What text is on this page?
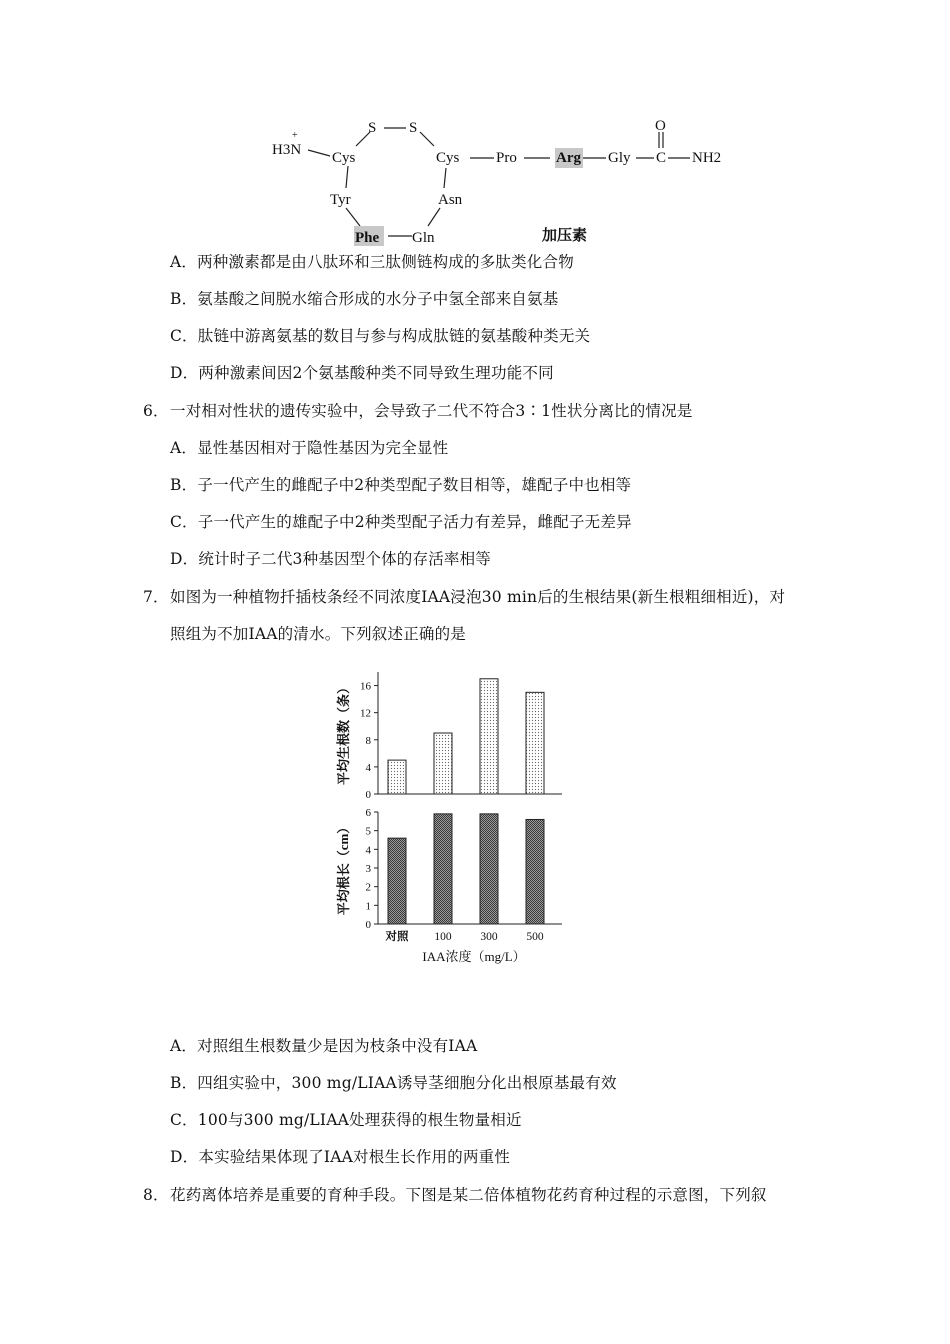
H3N
+	S S
Cys
Tyr
Phe Gln
Asn
Cys Pro	Arg Gly
O
C NH2
加压素
A．两种激素都是由八肽环和三肽侧链构成的多肽类化合物
B．氨基酸之间脱水缩合形成的水分子中氢全部来自氨基
C．肽链中游离氨基的数目与参与构成肽链的氨基酸种类无关
D．两种激素间因2个氨基酸种类不同导致生理功能不同
6． 一对相对性状的遗传实验中，会导致子二代不符合3∶1性状分离比的情况是
A．显性基因相对于隐性基因为完全显性
B．子一代产生的雌配子中2种类型配子数目相等，雄配子中也相等
C．子一代产生的雄配子中2种类型配子活力有差异，雌配子无差异
D．统计时子二代3种基因型个体的存活率相等
7． 如图为一种植物扦插枝条经不同浓度IAA浸泡30 min后的生根结果(新生根粗细相近)，对
照组为不加IAA的清水。下列叙述正确的是
0
4
8
12
16
平均生根数（条）
0
1
2
3
4
5
6
平均根长（cm）
对照 100	300	500
IAA浓度（mg/L）
A．对照组生根数量少是因为枝条中没有IAA
B．四组实验中，300 mg/LIAA诱导茎细胞分化出根原基最有效
C．100与300 mg/LIAA处理获得的根生物量相近
D．本实验结果体现了IAA对根生长作用的两重性
8． 花药离体培养是重要的育种手段。下图是某二倍体植物花药育种过程的示意图，下列叙
